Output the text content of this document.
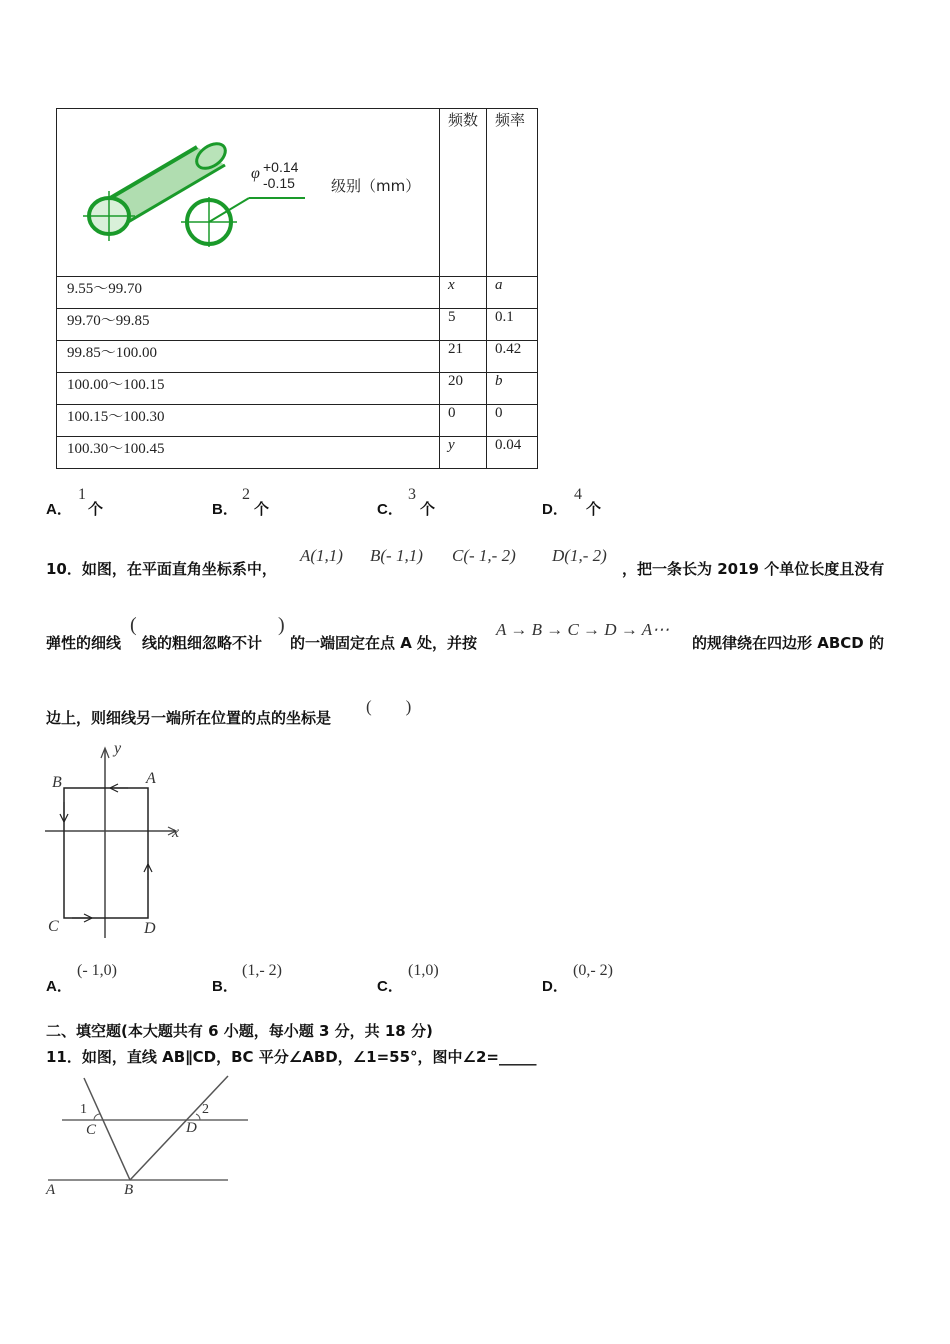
φ +0.14
-0.15 级别（mm）	频数	频率
9.55～99.70	x	a
99.70～99.85	5	0.1
99.85～100.00	21	0.42
100.00～100.15	20	b
100.15～100.30	0	0
100.30～100.45	y	0.04
A．
1
个	B．
2
个	C．
3
个	D．
4
个
10．如图，在平面直角坐标系中，
A(1,1) B(- 1,1) C(- 1,- 2) D(1,- 2)
，把一条长为 2019 个单位长度且没有
弹性的细线
(
线的粗细忽略不计
)
的一端固定在点 A 处，并按
A → B → C → D → A⋯
的规律绕在四边形 ABCD 的
边上，则细线另一端所在位置的点的坐标是
(　　)
y
x
A
B
C	D
A．
(- 1,0)
B．
(1,- 2)
C．
(1,0)
D．
(0,- 2)
二、填空题(本大题共有 6 小题，每小题 3 分，共 18 分)
11．如图，直线 AB∥CD，BC 平分∠ABD，∠1=55°，图中∠2=_____
1	2
C	D
A	B
